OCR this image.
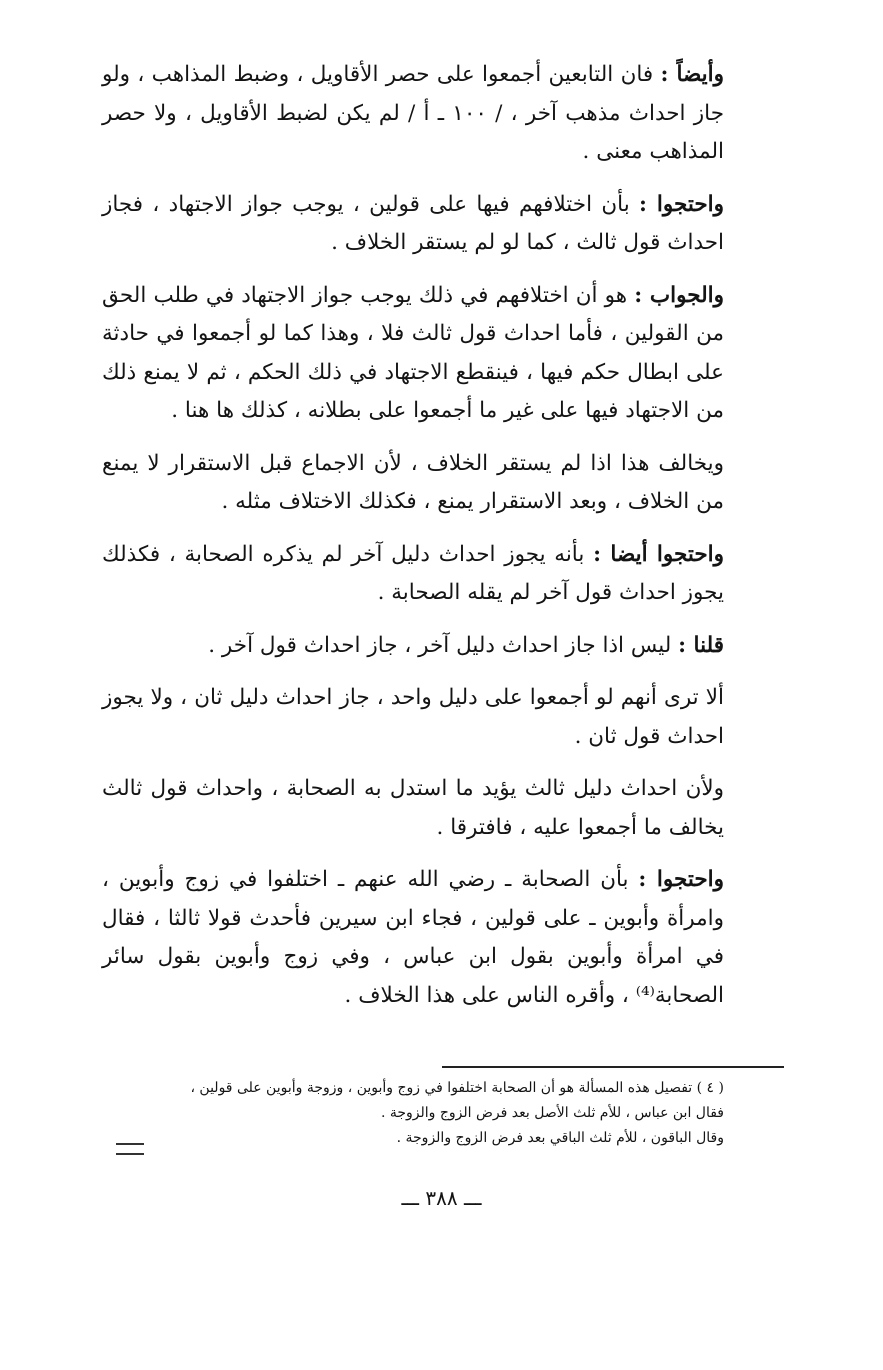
وأيضاً : فان التابعين أجمعوا على حصر الأقاويل ، وضبط المذاهب ، ولو جاز احداث مذهب آخر ، / ١٠٠ ـ أ / لم يكن لضبط الأقاويل ، ولا حصر المذاهب معنى .

واحتجوا : بأن اختلافهم فيها على قولين ، يوجب جواز الاجتهاد ، فجاز احداث قول ثالث ، كما لو لم يستقر الخلاف .

والجواب : هو أن اختلافهم في ذلك يوجب جواز الاجتهاد في طلب الحق من القولين ، فأما احداث قول ثالث فلا ، وهذا كما لو أجمعوا في حادثة على ابطال حكم فيها ، فينقطع الاجتهاد في ذلك الحكم ، ثم لا يمنع ذلك من الاجتهاد فيها على غير ما أجمعوا على بطلانه ، كذلك ها هنا .

ويخالف هذا اذا لم يستقر الخلاف ، لأن الاجماع قبل الاستقرار لا يمنع من الخلاف ، وبعد الاستقرار يمنع ، فكذلك الاختلاف مثله .

واحتجوا أيضا : بأنه يجوز احداث دليل آخر لم يذكره الصحابة ، فكذلك يجوز احداث قول آخر لم يقله الصحابة .

قلنا : ليس اذا جاز احداث دليل آخر ، جاز احداث قول آخر .

ألا ترى أنهم لو أجمعوا على دليل واحد ، جاز احداث دليل ثان ، ولا يجوز احداث قول ثان .

ولأن احداث دليل ثالث يؤيد ما استدل به الصحابة ، واحداث قول ثالث يخالف ما أجمعوا عليه ، فافترقا .

واحتجوا : بأن الصحابة ـ رضي الله عنهم ـ اختلفوا في زوج وأبوين ، وامرأة وأبوين ـ على قولين ، فجاء ابن سيرين فأحدث قولا ثالثا ، فقال في امرأة وأبوين بقول ابن عباس ، وفي زوج وأبوين بقول سائر الصحابة⁽⁴⁾ ، وأقره الناس على هذا الخلاف .

( ٤ ) تفصيل هذه المسألة هو أن الصحابة اختلفوا في زوج وأبوين ، وزوجة وأبوين على قولين ،
فقال ابن عباس ، للأم ثلث الأصل بعد فرض الزوج والزوجة .
وقال الباقون ، للأم ثلث الباقي بعد فرض الزوج والزوجة .
ـــ ٣٨٨ ـــ
